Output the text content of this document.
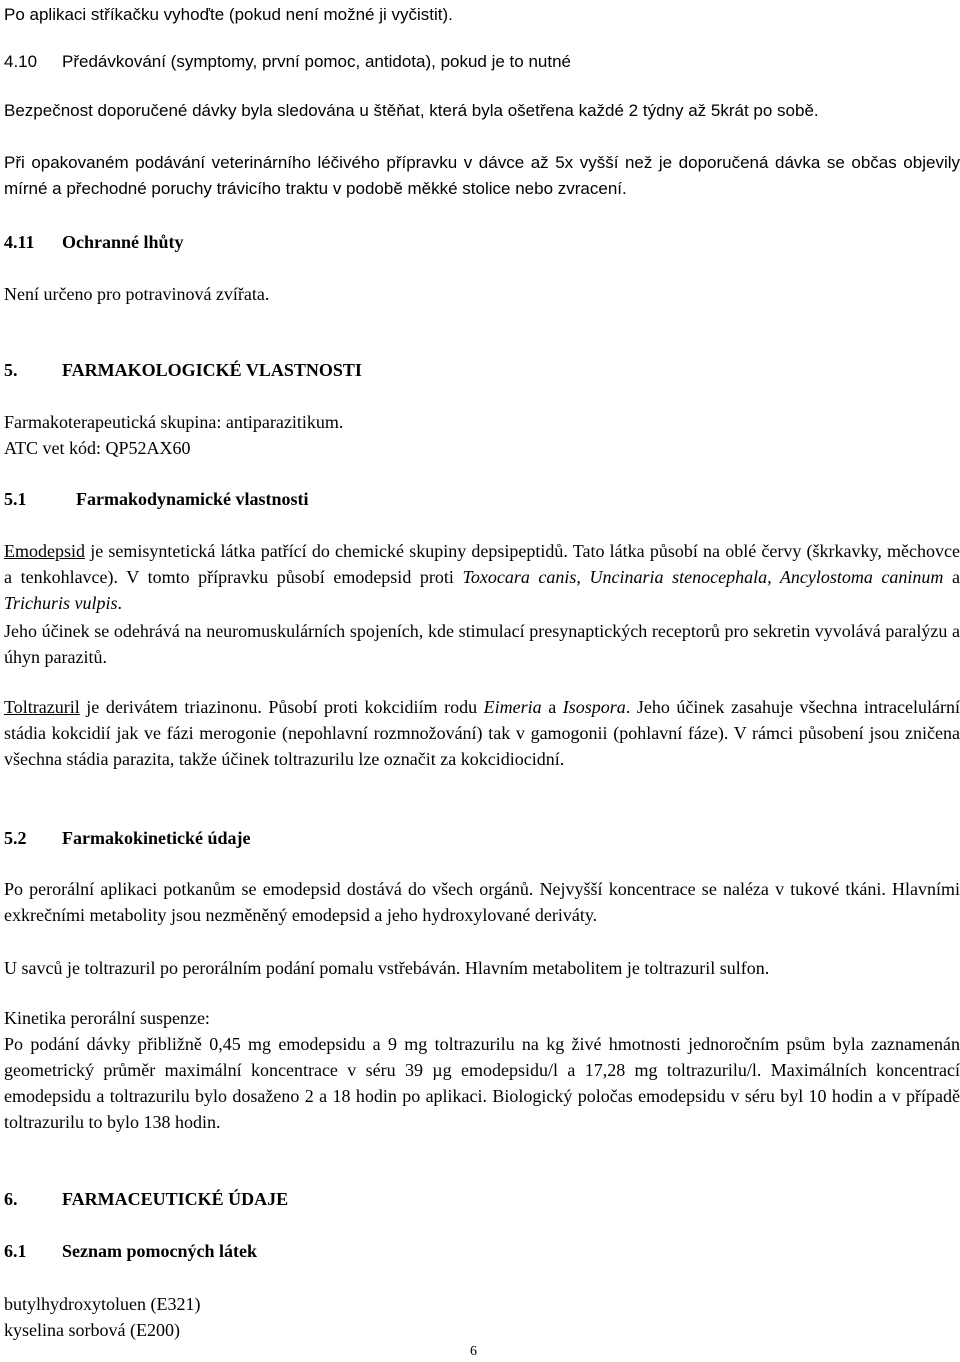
Po aplikaci stříkačku vyhoďte (pokud není možné ji vyčistit).
4.10 Předávkování (symptomy, první pomoc, antidota), pokud je to nutné
Bezpečnost doporučené dávky byla sledována u štěňat, která byla ošetřena každé 2 týdny až 5krát po sobě.
Při opakovaném podávání veterinárního léčivého přípravku v dávce až 5x vyšší než je doporučená dávka se občas objevily mírné a přechodné poruchy trávicího traktu v podobě měkké stolice nebo zvracení.
4.11 Ochranné lhůty
Není určeno pro potravinová zvířata.
5. FARMAKOLOGICKÉ VLASTNOSTI
Farmakoterapeutická skupina: antiparazitikum.
ATC vet kód: QP52AX60
5.1	Farmakodynamické vlastnosti
Emodepsid je semisyntetická látka patřící do chemické skupiny depsipeptidů. Tato látka působí na oblé červy (škrkavky, měchovce a tenkohlavce). V tomto přípravku působí emodepsid proti Toxocara canis, Uncinaria stenocephala, Ancylostoma caninum a Trichuris vulpis.
Jeho účinek se odehrává na neuromuskulárních spojeních, kde stimulací presynaptických receptorů pro sekretin vyvolává paralýzu a úhyn parazitů.
Toltrazuril je derivátem triazinonu. Působí proti kokcidiím rodu Eimeria a Isospora. Jeho účinek zasahuje všechna intracelulární stádia kokcidií jak ve fázi merogonie (nepohlavní rozmnožování) tak v gamogonii (pohlavní fáze). V rámci působení jsou zničena všechna stádia parazita, takže účinek toltrazurilu lze označit za kokcidiocidní.
5.2 Farmakokinetické údaje
Po perorální aplikaci potkanům se emodepsid dostává do všech orgánů. Nejvyšší koncentrace se naléza v tukové tkáni. Hlavními exkrečními metabolity jsou nezměněný emodepsid a jeho hydroxylované deriváty.
U savců je toltrazuril po perorálním podání pomalu vstřebáván. Hlavním metabolitem je toltrazuril sulfon.
Kinetika perorální suspenze:
Po podání dávky přibližně 0,45 mg emodepsidu a 9 mg toltrazurilu na kg živé hmotnosti jednoročním psům byla zaznamenán geometrický průměr maximální koncentrace v séru 39 µg emodepsidu/l a 17,28 mg toltrazurilu/l. Maximálních koncentrací emodepsidu a toltrazurilu bylo dosaženo 2 a 18 hodin po aplikaci. Biologický poločas emodepsidu v séru byl 10 hodin a v případě toltrazurilu to bylo 138 hodin.
6. FARMACEUTICKÉ ÚDAJE
6.1 Seznam pomocných látek
butylhydroxytoluen (E321)
kyselina sorbová (E200)
6
